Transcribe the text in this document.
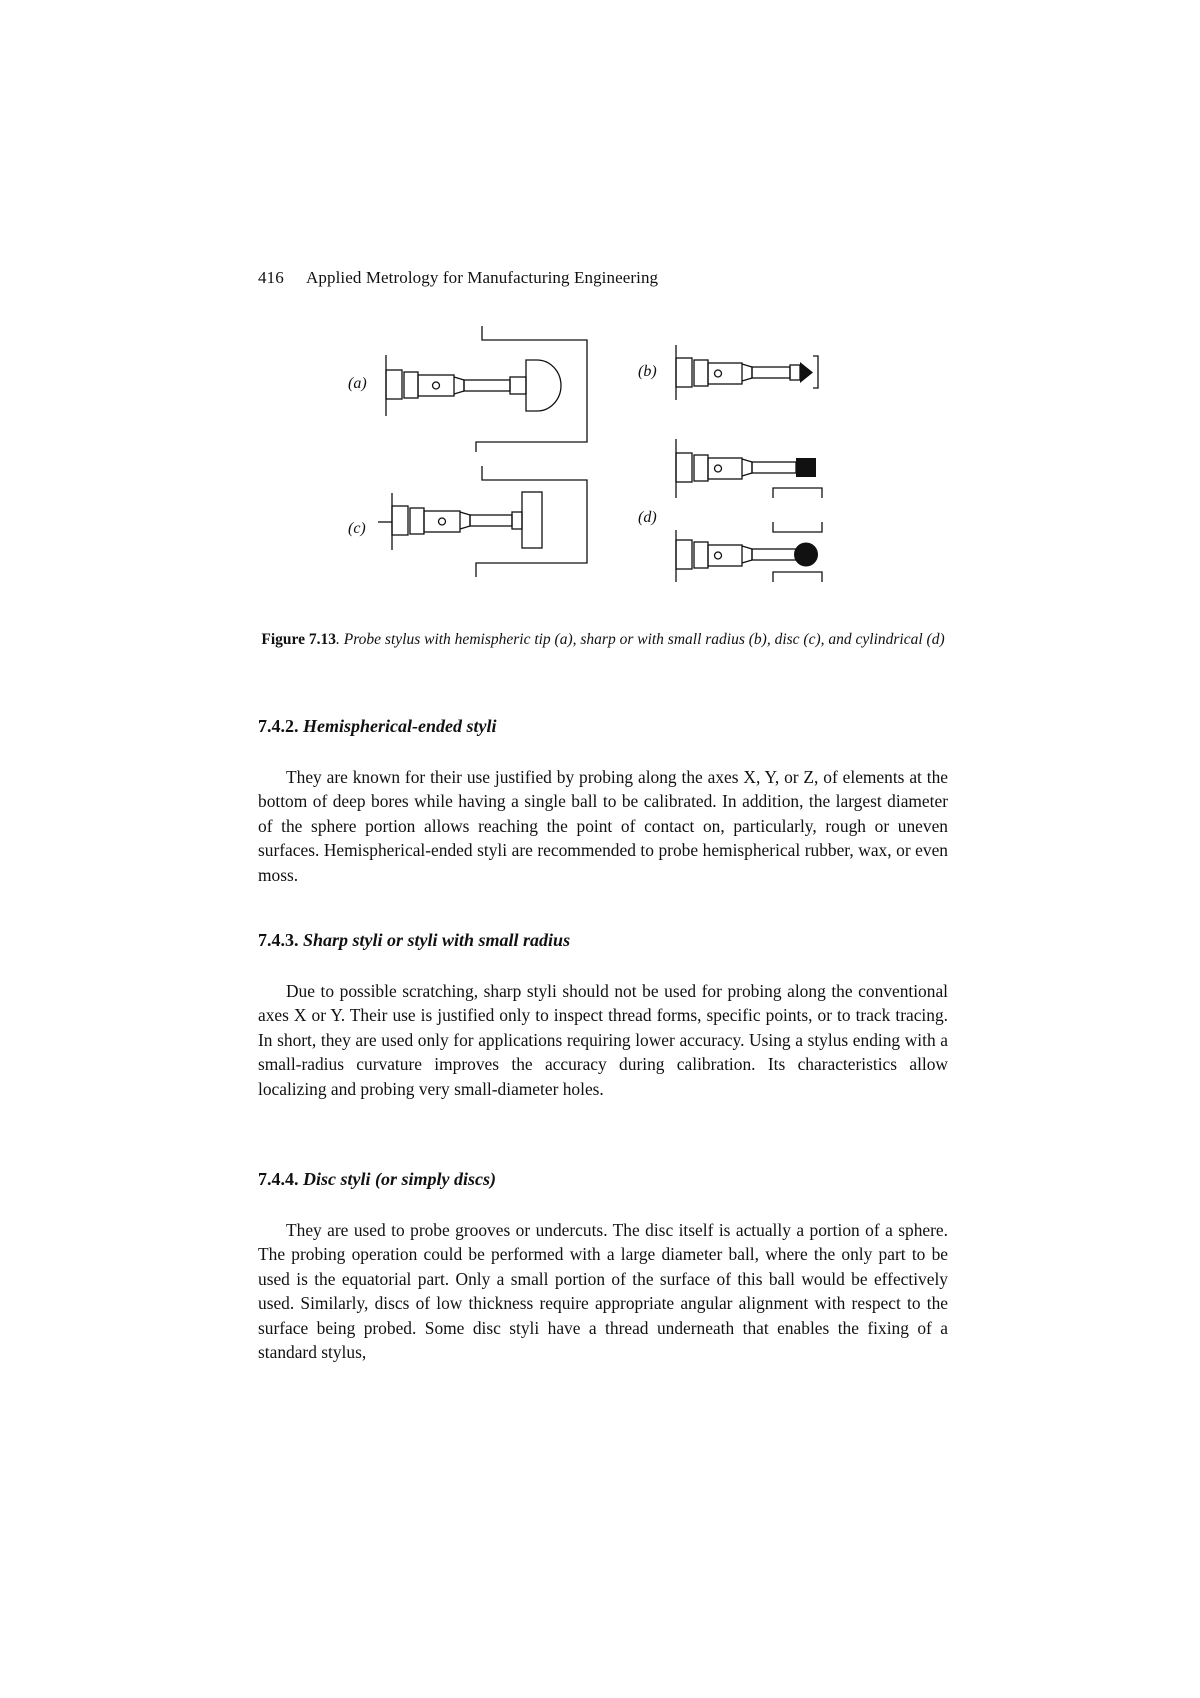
416 Applied Metrology for Manufacturing Engineering
(a)
(b)
(c)
(d)
Figure 7.13. Probe stylus with hemispheric tip (a), sharp or with small radius (b), disc (c), and cylindrical (d)
7.4.2. Hemispherical-ended styli

They are known for their use justified by probing along the axes X, Y, or Z, of elements at the bottom of deep bores while having a single ball to be calibrated. In addition, the largest diameter of the sphere portion allows reaching the point of contact on, particularly, rough or uneven surfaces. Hemispherical-ended styli are recommended to probe hemispherical rubber, wax, or even moss.

7.4.3. Sharp styli or styli with small radius

Due to possible scratching, sharp styli should not be used for probing along the conventional axes X or Y. Their use is justified only to inspect thread forms, specific points, or to track tracing. In short, they are used only for applications requiring lower accuracy. Using a stylus ending with a small-radius curvature improves the accuracy during calibration. Its characteristics allow localizing and probing very small-diameter holes.

7.4.4. Disc styli (or simply discs)

They are used to probe grooves or undercuts. The disc itself is actually a portion of a sphere. The probing operation could be performed with a large diameter ball, where the only part to be used is the equatorial part. Only a small portion of the surface of this ball would be effectively used. Similarly, discs of low thickness require appropriate angular alignment with respect to the surface being probed. Some disc styli have a thread underneath that enables the fixing of a standard stylus,
